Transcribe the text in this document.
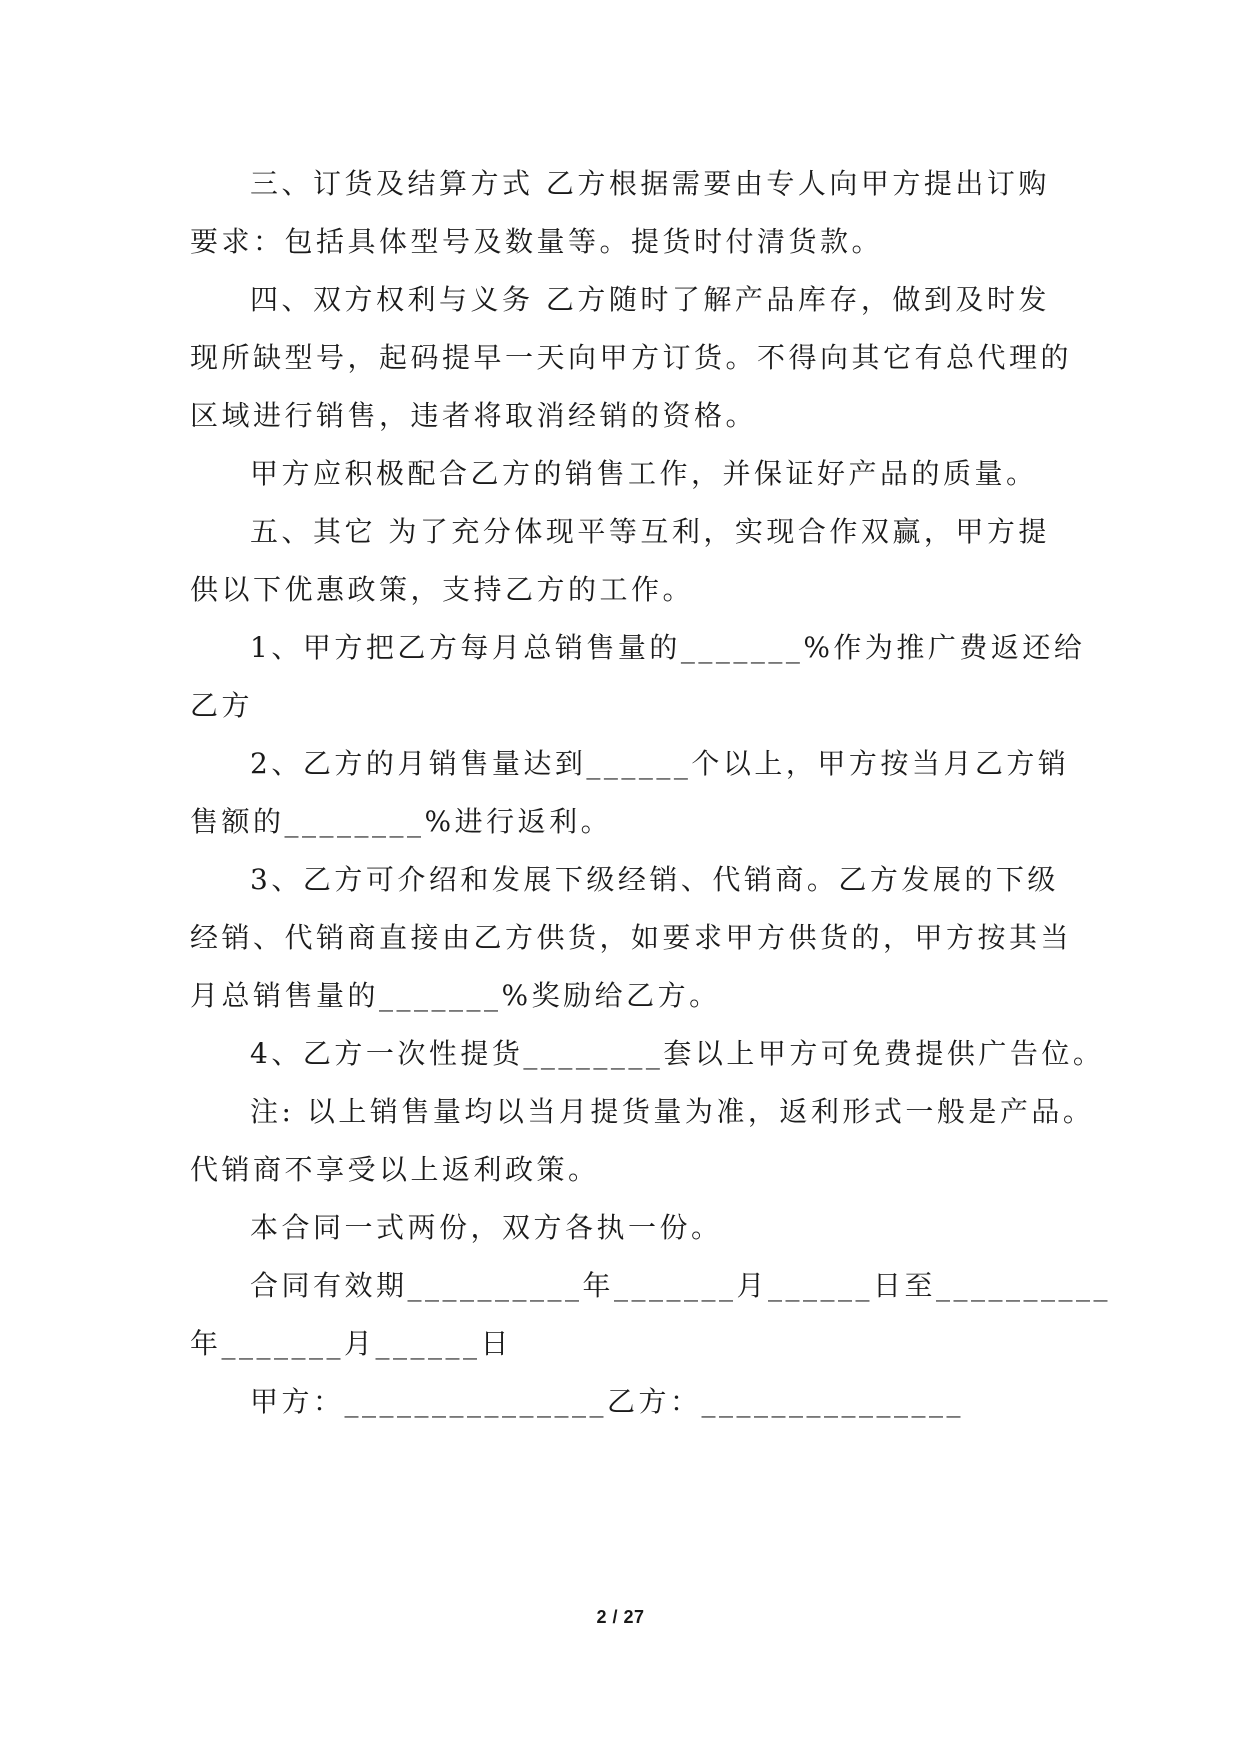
三、订货及结算方式 乙方根据需要由专人向甲方提出订购
要求：包括具体型号及数量等。提货时付清货款。
四、双方权利与义务 乙方随时了解产品库存，做到及时发
现所缺型号，起码提早一天向甲方订货。不得向其它有总代理的
区域进行销售，违者将取消经销的资格。
甲方应积极配合乙方的销售工作，并保证好产品的质量。
五、其它 为了充分体现平等互利，实现合作双赢，甲方提
供以下优惠政策，支持乙方的工作。
1、甲方把乙方每月总销售量的_______%作为推广费返还给
乙方
2、乙方的月销售量达到______个以上，甲方按当月乙方销
售额的________%进行返利。
3、乙方可介绍和发展下级经销、代销商。乙方发展的下级
经销、代销商直接由乙方供货，如要求甲方供货的，甲方按其当
月总销售量的_______%奖励给乙方。
4、乙方一次性提货________套以上甲方可免费提供广告位。
注: 以上销售量均以当月提货量为准，返利形式一般是产品。
代销商不享受以上返利政策。
本合同一式两份，双方各执一份。
合同有效期__________年_______月______日至__________
年_______月______日
甲方：_______________乙方：_______________
2 / 27
